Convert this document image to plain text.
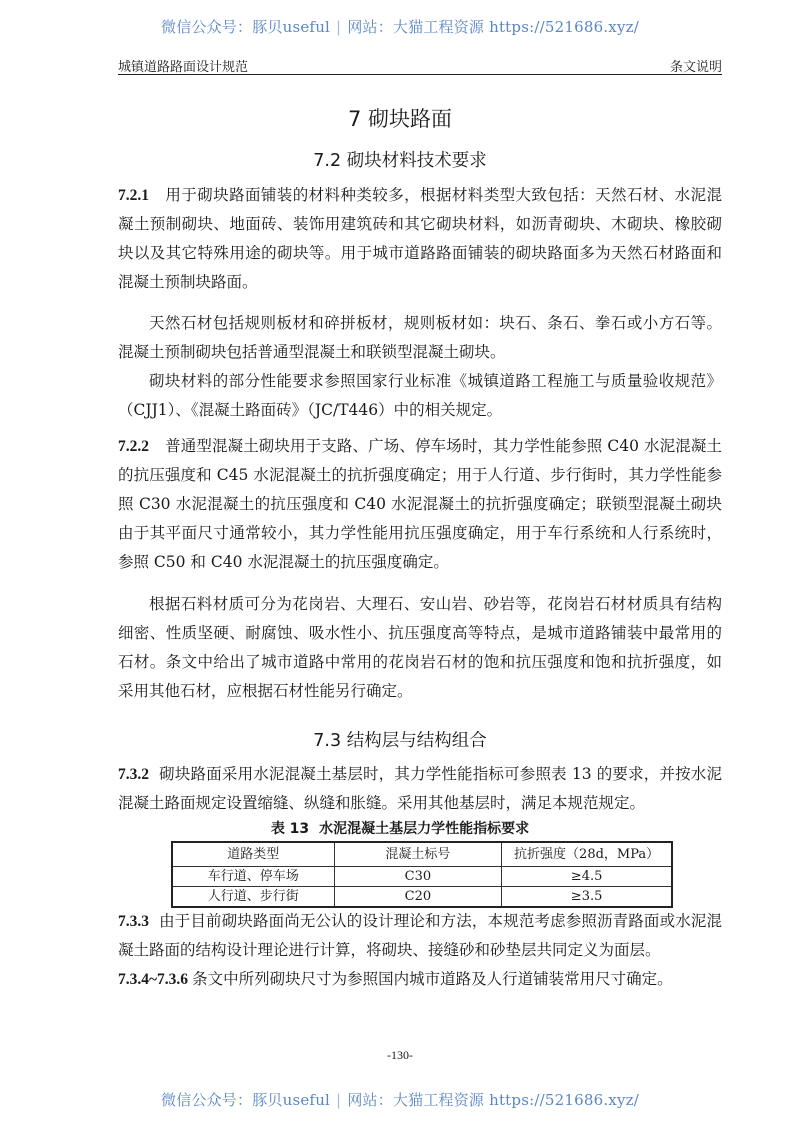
微信公众号：豚贝useful | 网站：大猫工程资源 https://521686.xyz/
城镇道路路面设计规范	条文说明
7 砌块路面
7.2 砌块材料技术要求
7.2.1 用于砌块路面铺装的材料种类较多，根据材料类型大致包括：天然石材、水泥混凝土预制砌块、地面砖、装饰用建筑砖和其它砌块材料，如沥青砌块、木砌块、橡胶砌块以及其它特殊用途的砌块等。用于城市道路路面铺装的砌块路面多为天然石材路面和混凝土预制块路面。
天然石材包括规则板材和碎拼板材，规则板材如：块石、条石、拳石或小方石等。混凝土预制砌块包括普通型混凝土和联锁型混凝土砌块。
砌块材料的部分性能要求参照国家行业标准《城镇道路工程施工与质量验收规范》（CJJ1）、《混凝土路面砖》（JC/T446）中的相关规定。
7.2.2 普通型混凝土砌块用于支路、广场、停车场时，其力学性能参照 C40 水泥混凝土的抗压强度和 C45 水泥混凝土的抗折强度确定；用于人行道、步行街时，其力学性能参照 C30 水泥混凝土的抗压强度和 C40 水泥混凝土的抗折强度确定；联锁型混凝土砌块由于其平面尺寸通常较小，其力学性能用抗压强度确定，用于车行系统和人行系统时，参照 C50 和 C40 水泥混凝土的抗压强度确定。
根据石料材质可分为花岗岩、大理石、安山岩、砂岩等，花岗岩石材材质具有结构细密、性质坚硬、耐腐蚀、吸水性小、抗压强度高等特点，是城市道路铺装中最常用的石材。条文中给出了城市道路中常用的花岗岩石材的饱和抗压强度和饱和抗折强度，如采用其他石材，应根据石材性能另行确定。
7.3 结构层与结构组合
7.3.2 砌块路面采用水泥混凝土基层时，其力学性能指标可参照表 13 的要求，并按水泥混凝土路面规定设置缩缝、纵缝和胀缝。采用其他基层时，满足本规范规定。
表 13 水泥混凝土基层力学性能指标要求
道路类型	混凝土标号	抗折强度（28d，MPa）
车行道、停车场	C30	≥4.5
人行道、步行街	C20	≥3.5
7.3.3 由于目前砌块路面尚无公认的设计理论和方法，本规范考虑参照沥青路面或水泥混凝土路面的结构设计理论进行计算，将砌块、接缝砂和砂垫层共同定义为面层。
7.3.4~7.3.6 条文中所列砌块尺寸为参照国内城市道路及人行道铺装常用尺寸确定。
-130-
微信公众号：豚贝useful | 网站：大猫工程资源 https://521686.xyz/
